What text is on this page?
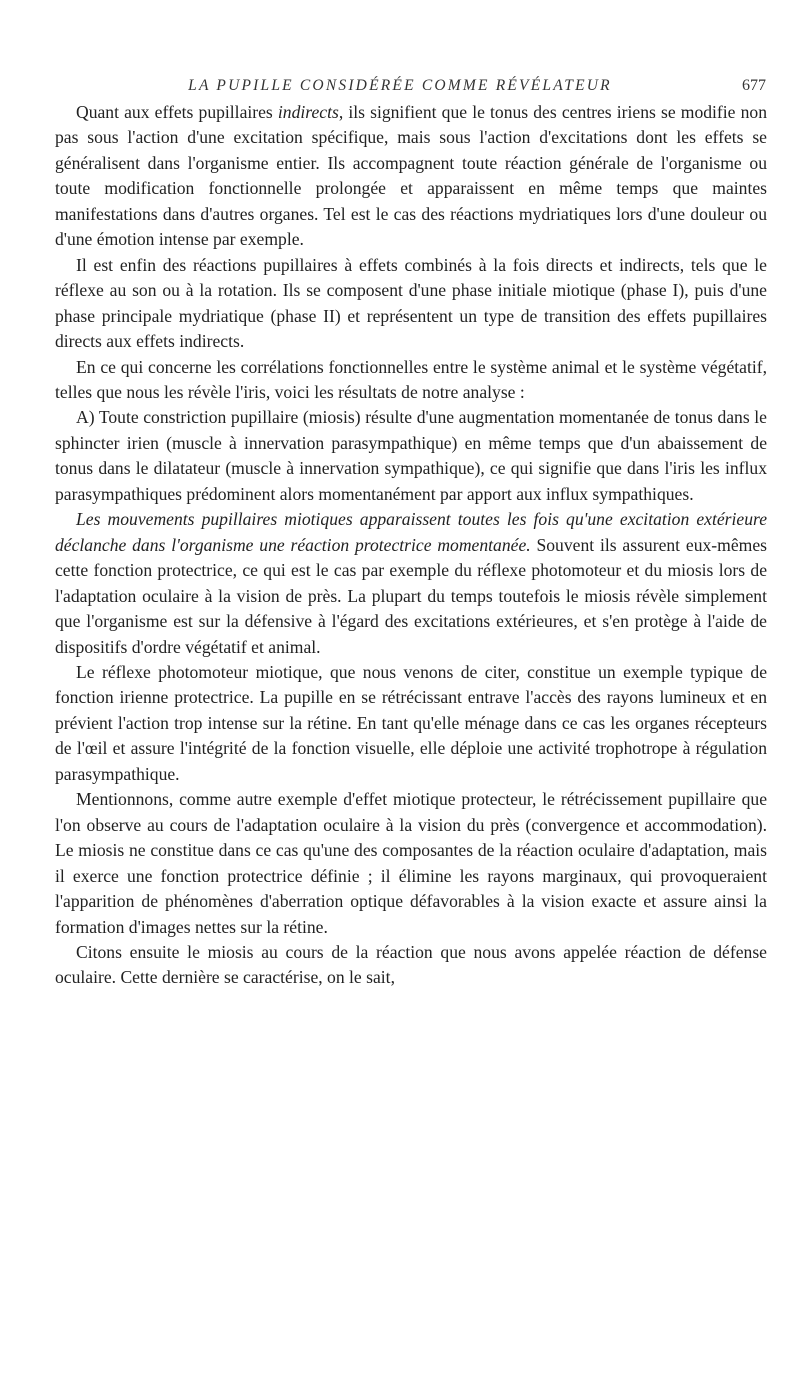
LA PUPILLE CONSIDÉRÉE COMME RÉVÉLATEUR	677

Quant aux effets pupillaires indirects, ils signifient que le tonus des centres iriens se modifie non pas sous l'action d'une excitation spécifique, mais sous l'action d'excitations dont les effets se généralisent dans l'organisme entier. Ils accompagnent toute réaction générale de l'organisme ou toute modification fonctionnelle prolongée et apparaissent en même temps que maintes manifestations dans d'autres organes. Tel est le cas des réactions mydriatiques lors d'une douleur ou d'une émotion intense par exemple.

Il est enfin des réactions pupillaires à effets combinés à la fois directs et indirects, tels que le réflexe au son ou à la rotation. Ils se composent d'une phase initiale miotique (phase I), puis d'une phase principale mydriatique (phase II) et représentent un type de transition des effets pupillaires directs aux effets indirects.

En ce qui concerne les corrélations fonctionnelles entre le système animal et le système végétatif, telles que nous les révèle l'iris, voici les résultats de notre analyse :

A) Toute constriction pupillaire (miosis) résulte d'une augmentation momentanée de tonus dans le sphincter irien (muscle à innervation parasympathique) en même temps que d'un abaissement de tonus dans le dilatateur (muscle à innervation sympathique), ce qui signifie que dans l'iris les influx parasympathiques prédominent alors momentanément par apport aux influx sympathiques.

Les mouvements pupillaires miotiques apparaissent toutes les fois qu'une excitation extérieure déclanche dans l'organisme une réaction protectrice momentanée. Souvent ils assurent eux-mêmes cette fonction protectrice, ce qui est le cas par exemple du réflexe photomoteur et du miosis lors de l'adaptation oculaire à la vision de près. La plupart du temps toutefois le miosis révèle simplement que l'organisme est sur la défensive à l'égard des excitations extérieures, et s'en protège à l'aide de dispositifs d'ordre végétatif et animal.

Le réflexe photomoteur miotique, que nous venons de citer, constitue un exemple typique de fonction irienne protectrice. La pupille en se rétrécissant entrave l'accès des rayons lumineux et en prévient l'action trop intense sur la rétine. En tant qu'elle ménage dans ce cas les organes récepteurs de l'œil et assure l'intégrité de la fonction visuelle, elle déploie une activité trophotrope à régulation parasympathique.

Mentionnons, comme autre exemple d'effet miotique protecteur, le rétrécissement pupillaire que l'on observe au cours de l'adaptation oculaire à la vision du près (convergence et accommodation). Le miosis ne constitue dans ce cas qu'une des composantes de la réaction oculaire d'adaptation, mais il exerce une fonction protectrice définie ; il élimine les rayons marginaux, qui provoqueraient l'apparition de phénomènes d'aberration optique défavorables à la vision exacte et assure ainsi la formation d'images nettes sur la rétine.

Citons ensuite le miosis au cours de la réaction que nous avons appelée réaction de défense oculaire. Cette dernière se caractérise, on le sait,
